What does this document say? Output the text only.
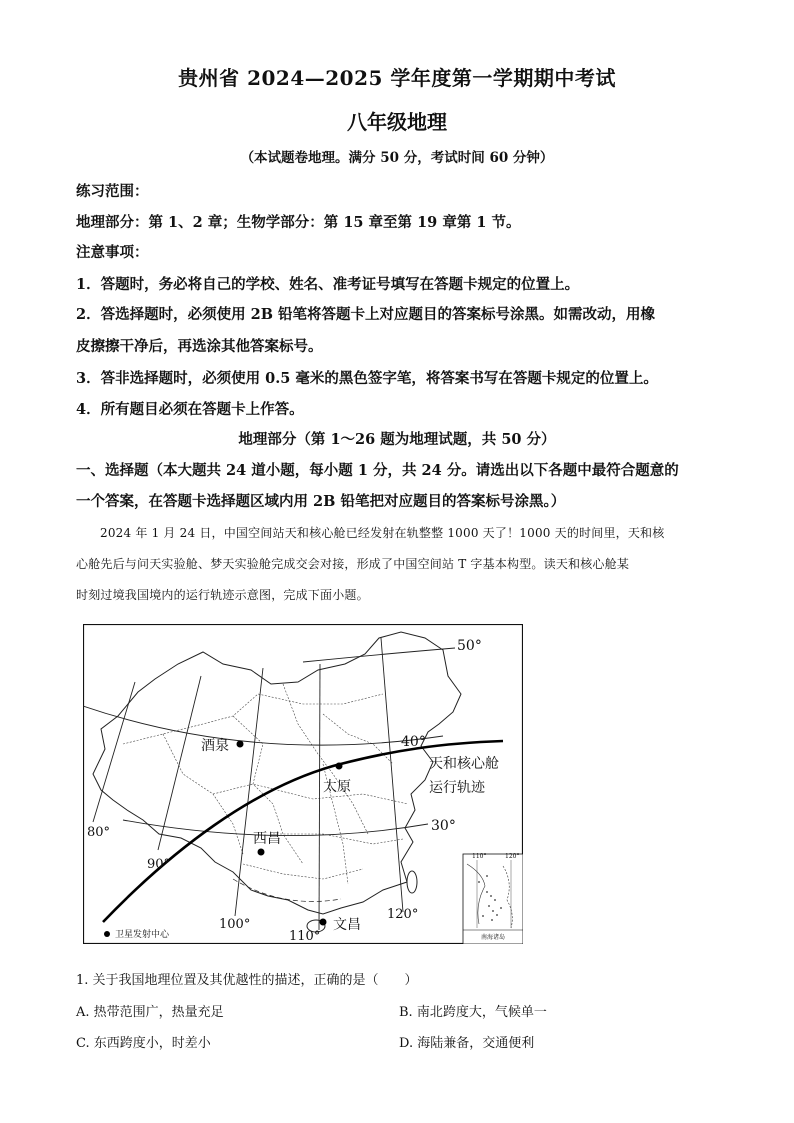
贵州省 2024—2025 学年度第一学期期中考试
八年级地理
（本试题卷地理。满分 50 分，考试时间 60 分钟）
练习范围：
地理部分：第 1、2 章；生物学部分：第 15 章至第 19 章第 1 节。
注意事项：
1．答题时，务必将自己的学校、姓名、准考证号填写在答题卡规定的位置上。
2．答选择题时，必须使用 2B 铅笔将答题卡上对应题目的答案标号涂黑。如需改动，用橡
皮擦擦干净后，再选涂其他答案标号。
3．答非选择题时，必须使用 0.5 毫米的黑色签字笔，将答案书写在答题卡规定的位置上。
4．所有题目必须在答题卡上作答。
地理部分（第 1～26 题为地理试题，共 50 分）
一、选择题（本大题共 24 道小题，每小题 1 分，共 24 分。请选出以下各题中最符合题意的
一个答案，在答题卡选择题区域内用 2B 铅笔把对应题目的答案标号涂黑。）
2024 年 1 月 24 日，中国空间站天和核心舱已经发射在轨整整 1000 天了！1000 天的时间里，天和核
心舱先后与问天实验舱、梦天实验舱完成交会对接，形成了中国空间站 T 字基本构型。读天和核心舱某
时刻过境我国境内的运行轨迹示意图，完成下面小题。
酒泉
太原
西昌
文昌
天和核心舱
运行轨迹
50°
40°
30°
80°
90°
100°
110°
120°
卫星发射中心
110°	120°
南海诸岛
1. 关于我国地理位置及其优越性的描述，正确的是（　　）
A. 热带范围广，热量充足	B. 南北跨度大，气候单一
C. 东西跨度小，时差小	D. 海陆兼备，交通便利
